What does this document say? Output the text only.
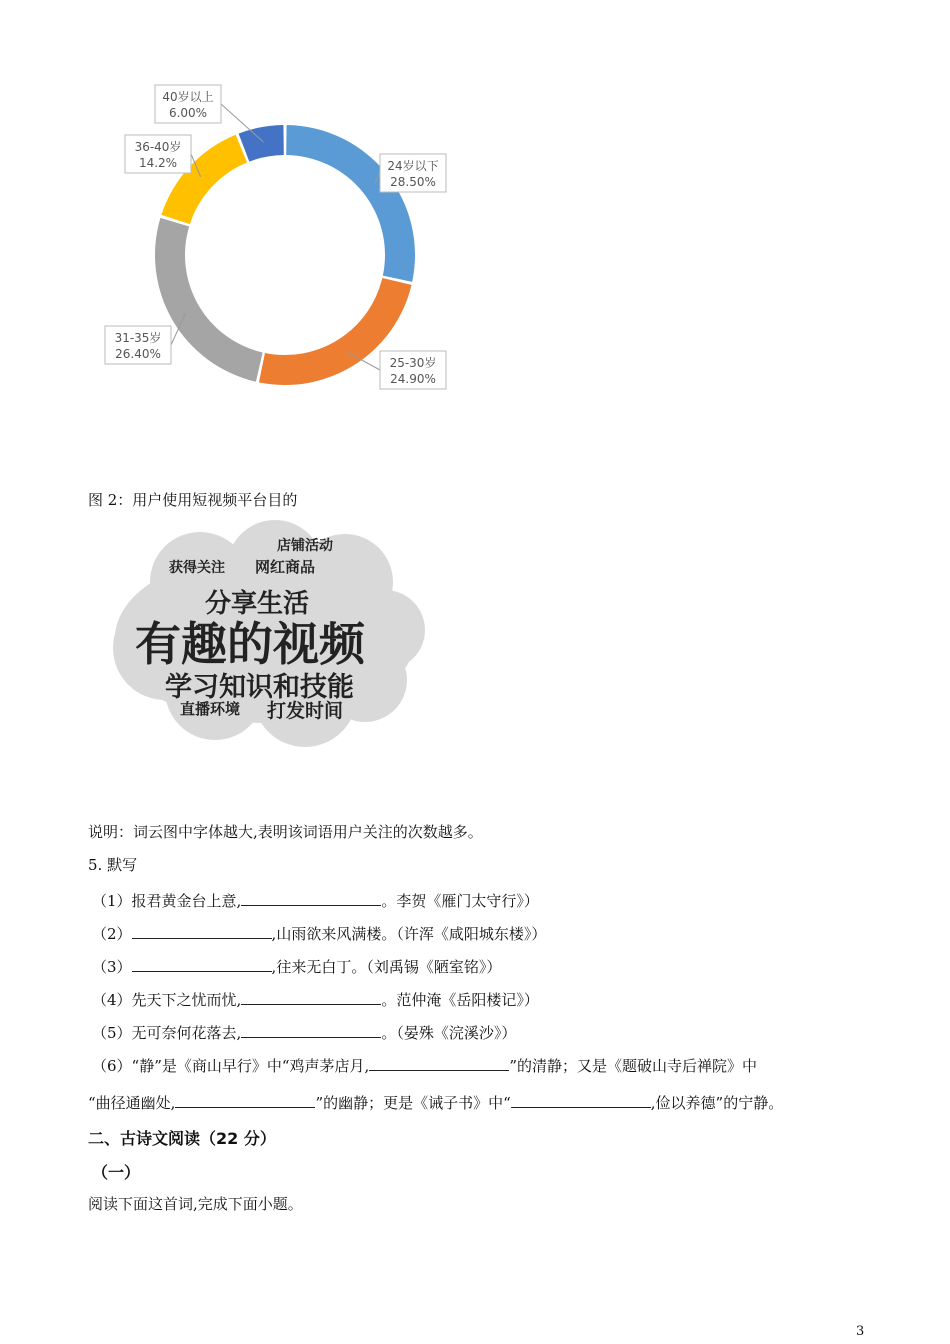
24岁以下
28.50%
25-30岁
24.90%
31-35岁
26.40%
36-40岁
14.2%
40岁以上
6.00%
店铺活动
获得关注 网红商品
分享生活
有趣的视频
学习知识和技能
直播环境 打发时间
图 2：用户使用短视频平台目的
说明：词云图中字体越大,表明该词语用户关注的次数越多。
5. 默写
（1）报君黄金台上意,	。李贺《雁门太守行》）
（2）	,山雨欲来风满楼。（许浑《咸阳城东楼》）
（3）	,往来无白丁。（刘禹锡《陋室铭》）
（4）先天下之忧而忧,	。范仲淹《岳阳楼记》）
（5）无可奈何花落去,	。（晏殊《浣溪沙》）
（6）“静”是《商山早行》中“鸡声茅店月,	”的清静；又是《题破山寺后禅院》中
“曲径通幽处,	”的幽静；更是《诫子书》中“	,俭以养德”的宁静。
二、古诗文阅读（22 分）
（一）
阅读下面这首词,完成下面小题。
3
